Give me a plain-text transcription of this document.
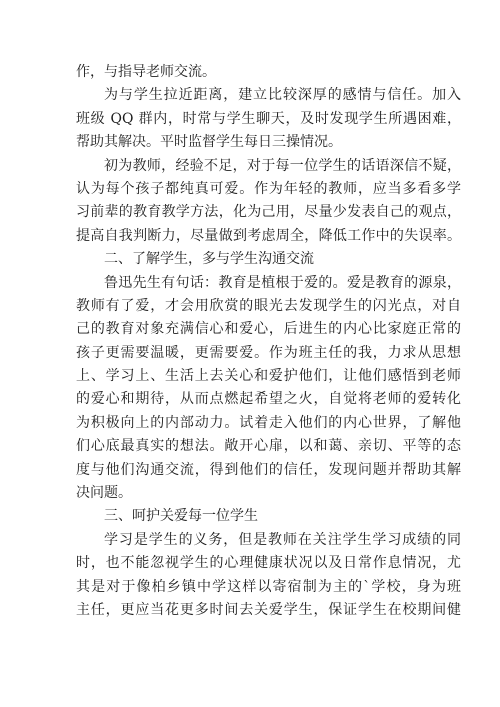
作，与指导老师交流。
为与学生拉近距离，建立比较深厚的感情与信任。加入
班级 QQ 群内，时常与学生聊天，及时发现学生所遇困难，
帮助其解决。平时监督学生每日三操情况。
初为教师，经验不足，对于每一位学生的话语深信不疑，
认为每个孩子都纯真可爱。作为年轻的教师，应当多看多学
习前辈的教育教学方法，化为己用，尽量少发表自己的观点，
提高自我判断力，尽量做到考虑周全，降低工作中的失误率。
二、了解学生，多与学生沟通交流
鲁迅先生有句话：教育是植根于爱的。爱是教育的源泉，
教师有了爱，才会用欣赏的眼光去发现学生的闪光点，对自
己的教育对象充满信心和爱心，后进生的内心比家庭正常的
孩子更需要温暖，更需要爱。作为班主任的我，力求从思想
上、学习上、生活上去关心和爱护他们，让他们感悟到老师
的爱心和期待，从而点燃起希望之火，自觉将老师的爱转化
为积极向上的内部动力。试着走入他们的内心世界，了解他
们心底最真实的想法。敞开心扉，以和蔼、亲切、平等的态
度与他们沟通交流，得到他们的信任，发现问题并帮助其解
决问题。
三、呵护关爱每一位学生
学习是学生的义务，但是教师在关注学生学习成绩的同
时，也不能忽视学生的心理健康状况以及日常作息情况，尤
其是对于像柏乡镇中学这样以寄宿制为主的`学校，身为班
主任，更应当花更多时间去关爱学生，保证学生在校期间健
